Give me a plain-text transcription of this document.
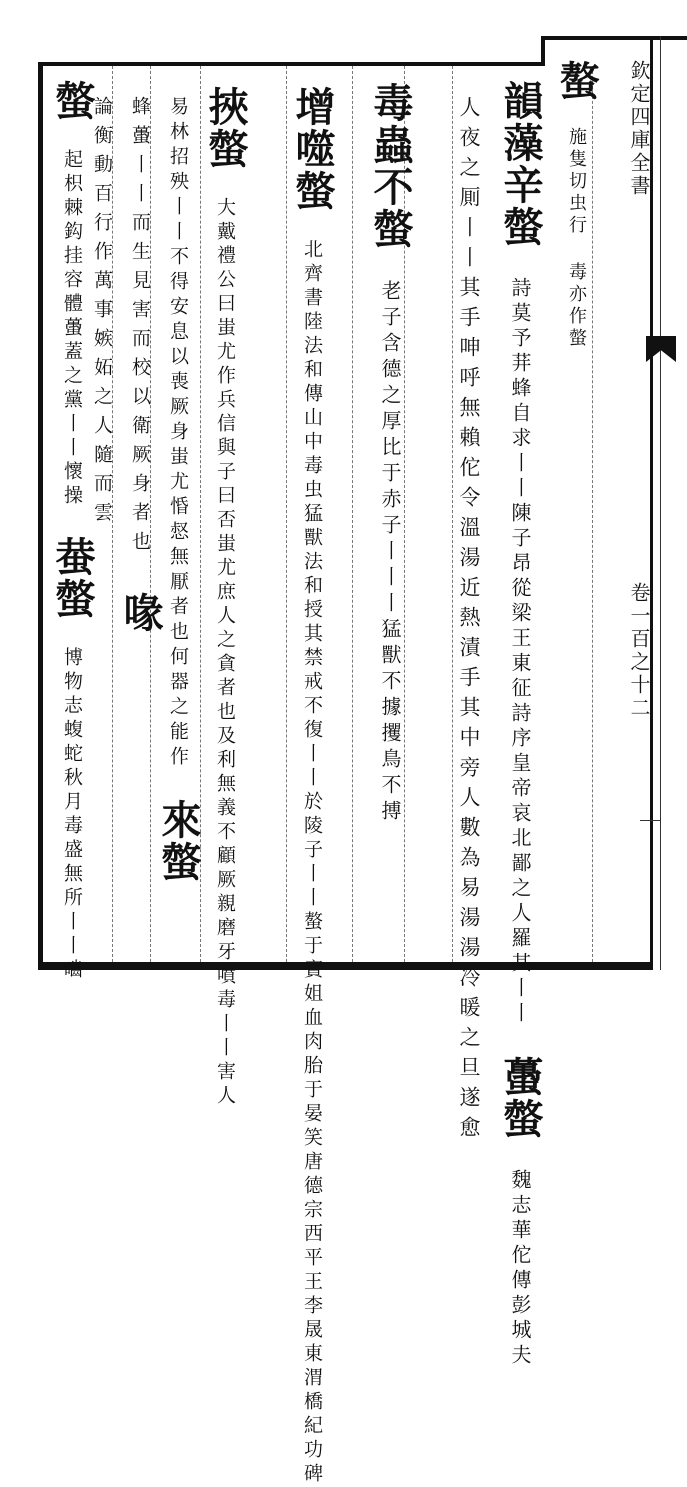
欽定四庫全書  卷一百之十二
螯 施隻切虫行 毒亦作螫
韻藻辛螫 詩莫予荓蜂自求丨丨陳子昂從梁王東征詩序皇帝哀北鄙之人羅其丨丨 蠆螫 魏志華佗傳彭城夫
人夜之厠丨丨其手呻呼無賴佗令溫湯近熱漬手其中旁人數為易湯湯冷暖之旦遂愈
毒蟲不螫 老子含德之厚比于赤子丨丨丨猛獸不據攫鳥不搏
增噬螫 北齊書陸法和傳山中毒虫猛獸法和授其禁戒不復丨丨於陵子丨丨螯于賓姐血肉胎于晏笑唐德宗西平王李晟東渭橋紀功碑
挾螫 大戴禮公曰蚩尤作兵信與子曰否蚩尤庶人之貪者也及利無義不顧厥親磨牙噴毒丨丨害人
易林招殃丨丨不得安息以喪厥身蚩尤惛惄無厭者也何器之能作 來螫
蜂蠆丨丨而生見害而校以衛厥身者也 喙
論衡動百行作萬事嫉妬之人隨而雲
螫 起枳棘鈎挂容體蠆蓋之黨丨丨懷操 蛬螫 博物志蝮蛇秋月毒盛無所丨丨嚙
